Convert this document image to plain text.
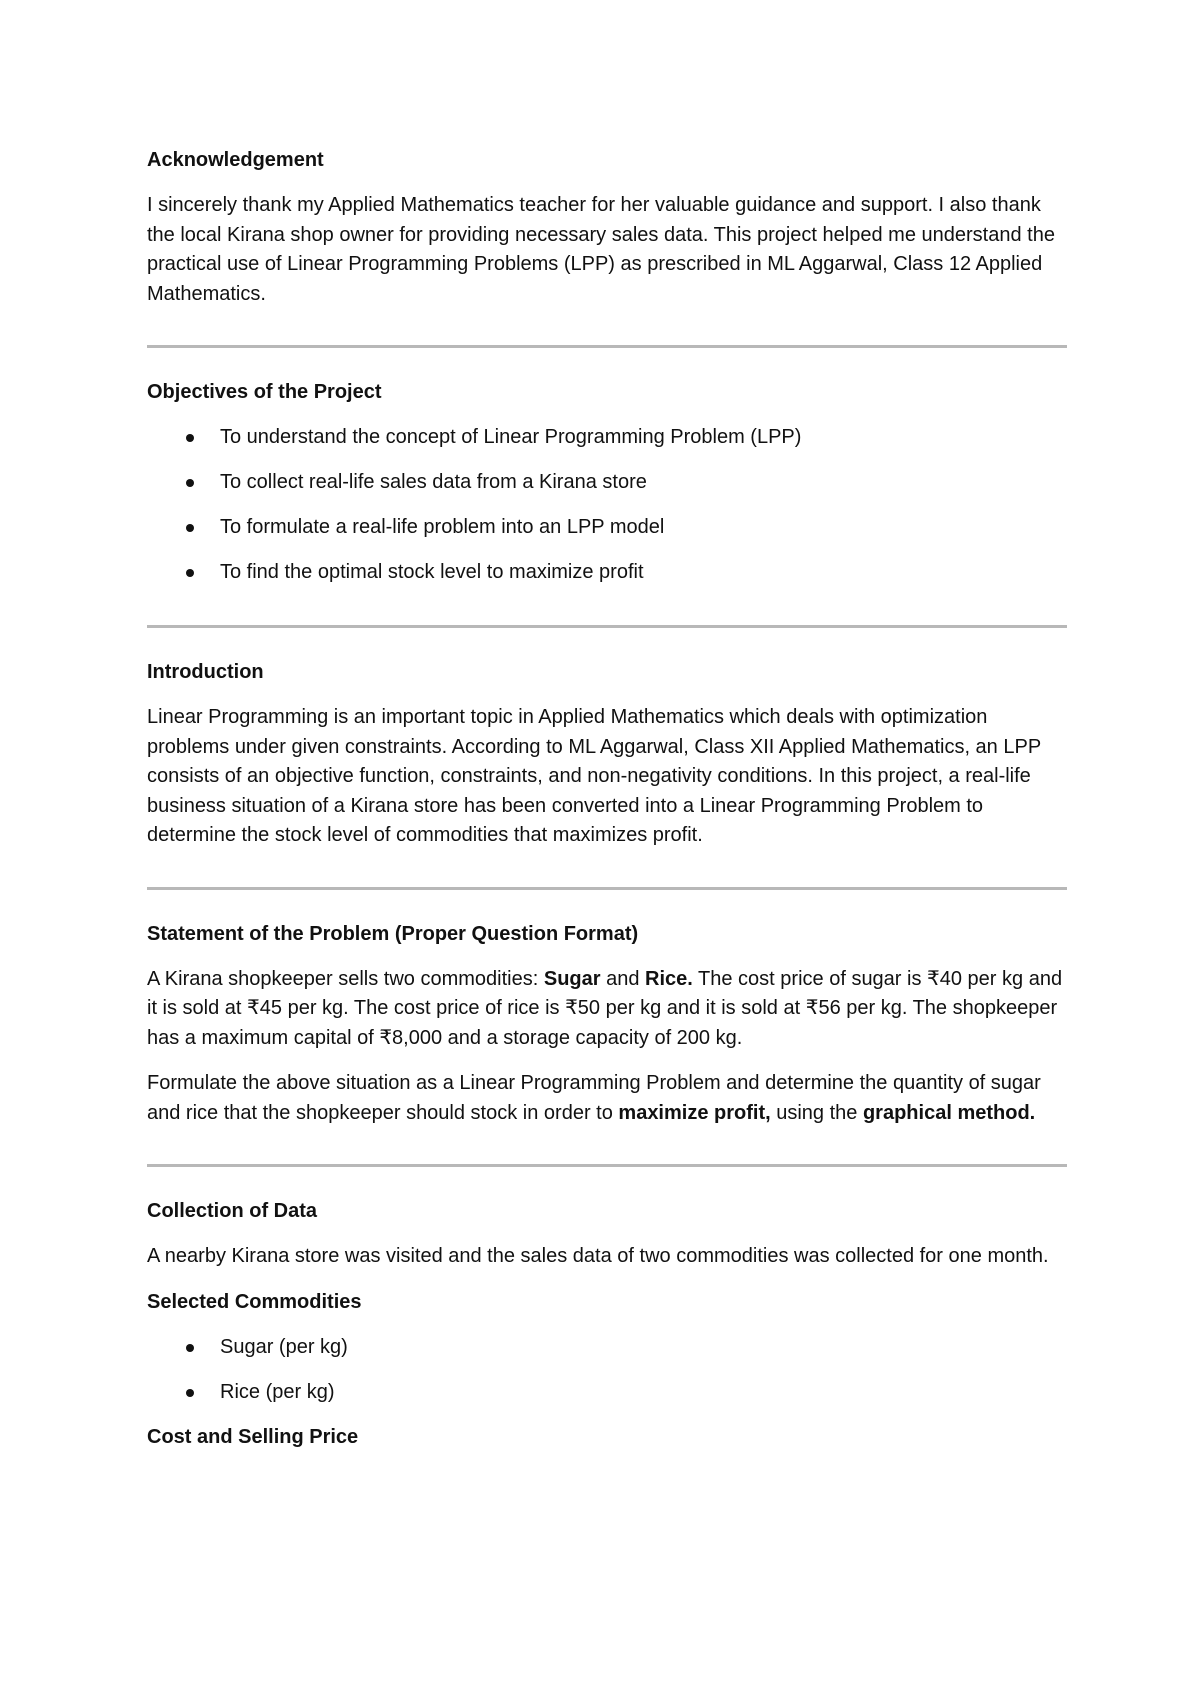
Acknowledgement

I sincerely thank my Applied Mathematics teacher for her valuable guidance and support. I also thank the local Kirana shop owner for providing necessary sales data. This project helped me understand the practical use of Linear Programming Problems (LPP) as prescribed in ML Aggarwal, Class 12 Applied Mathematics.

Objectives of the Project
To understand the concept of Linear Programming Problem (LPP)
To collect real-life sales data from a Kirana store
To formulate a real-life problem into an LPP model
To find the optimal stock level to maximize profit
Introduction

Linear Programming is an important topic in Applied Mathematics which deals with optimization problems under given constraints. According to ML Aggarwal, Class XII Applied Mathematics, an LPP consists of an objective function, constraints, and non-negativity conditions. In this project, a real-life business situation of a Kirana store has been converted into a Linear Programming Problem to determine the stock level of commodities that maximizes profit.

Statement of the Problem (Proper Question Format)

A Kirana shopkeeper sells two commodities: Sugar and Rice. The cost price of sugar is ₹40 per kg and it is sold at ₹45 per kg. The cost price of rice is ₹50 per kg and it is sold at ₹56 per kg. The shopkeeper has a maximum capital of ₹8,000 and a storage capacity of 200 kg.

Formulate the above situation as a Linear Programming Problem and determine the quantity of sugar and rice that the shopkeeper should stock in order to maximize profit, using the graphical method.

Collection of Data

A nearby Kirana store was visited and the sales data of two commodities was collected for one month.

Selected Commodities
Sugar (per kg)
Rice (per kg)
Cost and Selling Price
